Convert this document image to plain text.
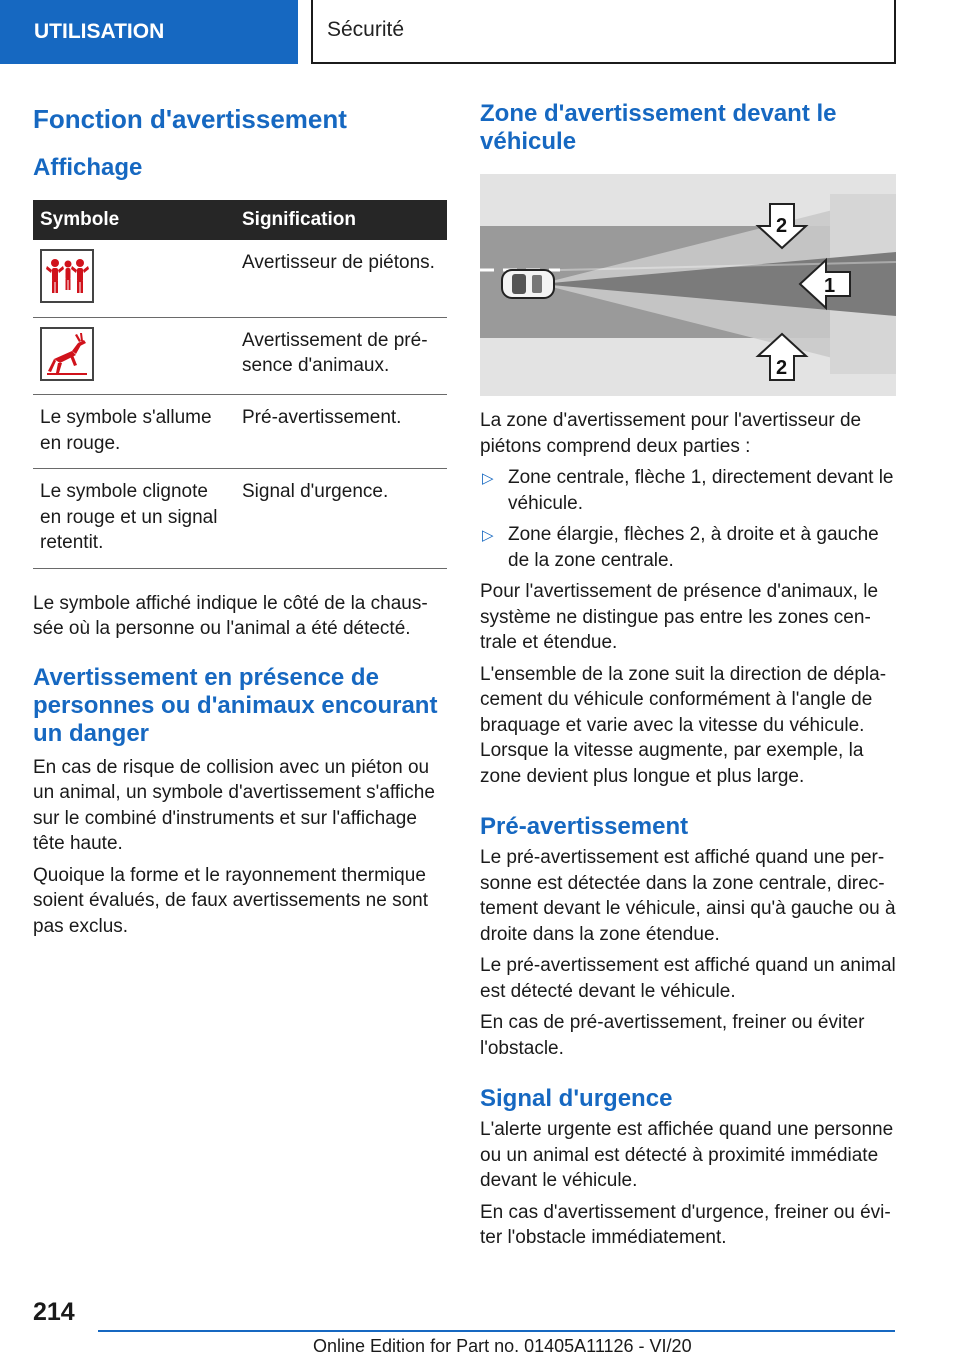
UTILISATION	Sécurité
Fonction d'avertissement
Affichage
Symbole	Signification
	Avertisseur de piétons.
	Avertissement de présence d'animaux.
Le symbole s'allume en rouge.	Pré-avertissement.
Le symbole clignote en rouge et un signal retentit.	Signal d'urgence.

Le symbole affiché indique le côté de la chaussée où la personne ou l'animal a été détecté.

Avertissement en présence de personnes ou d'animaux encourant un danger

En cas de risque de collision avec un piéton ou un animal, un symbole d'avertissement s'affiche sur le combiné d'instruments et sur l'affichage tête haute.

Quoique la forme et le rayonnement thermique soient évalués, de faux avertissements ne sont pas exclus.

Zone d'avertissement devant le véhicule
1
2
2

La zone d'avertissement pour l'avertisseur de piétons comprend deux parties :

▷ Zone centrale, flèche 1, directement devant le véhicule.
▷ Zone élargie, flèches 2, à droite et à gauche de la zone centrale.

Pour l'avertissement de présence d'animaux, le système ne distingue pas entre les zones centrale et étendue.

L'ensemble de la zone suit la direction de déplacement du véhicule conformément à l'angle de braquage et varie avec la vitesse du véhicule. Lorsque la vitesse augmente, par exemple, la zone devient plus longue et plus large.

Pré-avertissement

Le pré-avertissement est affiché quand une personne est détectée dans la zone centrale, directement devant le véhicule, ainsi qu'à gauche ou à droite dans la zone étendue.

Le pré-avertissement est affiché quand un animal est détecté devant le véhicule.

En cas de pré-avertissement, freiner ou éviter l'obstacle.

Signal d'urgence

L'alerte urgente est affichée quand une personne ou un animal est détecté à proximité immédiate devant le véhicule.

En cas d'avertissement d'urgence, freiner ou éviter l'obstacle immédiatement.

214
Online Edition for Part no. 01405A11126 - VI/20
